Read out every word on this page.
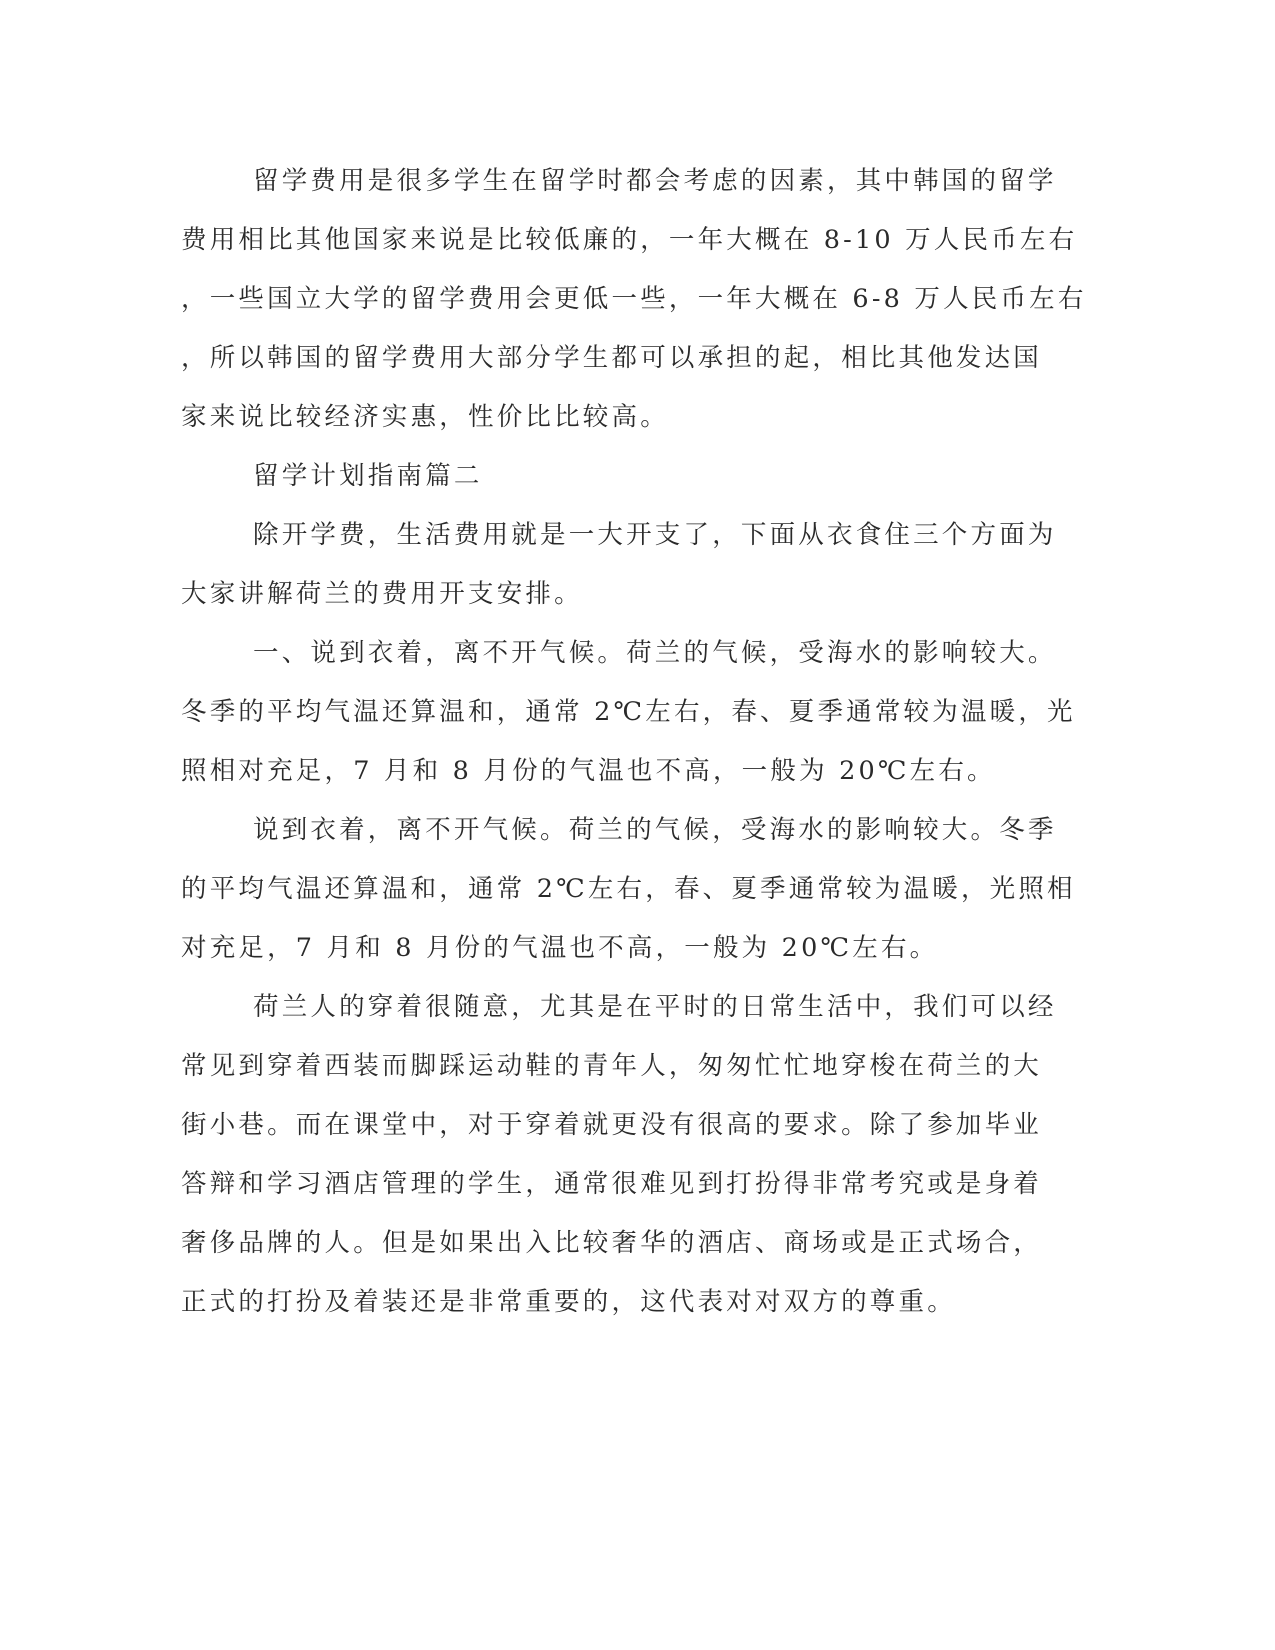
留学费用是很多学生在留学时都会考虑的因素，其中韩国的留学
费用相比其他国家来说是比较低廉的，一年大概在 8-10 万人民币左右
，一些国立大学的留学费用会更低一些，一年大概在 6-8 万人民币左右
，所以韩国的留学费用大部分学生都可以承担的起，相比其他发达国
家来说比较经济实惠，性价比比较高。
留学计划指南篇二
除开学费，生活费用就是一大开支了，下面从衣食住三个方面为
大家讲解荷兰的费用开支安排。
一、说到衣着，离不开气候。荷兰的气候，受海水的影响较大。
冬季的平均气温还算温和，通常 2℃左右，春、夏季通常较为温暖，光
照相对充足，7 月和 8 月份的气温也不高，一般为 20℃左右。
说到衣着，离不开气候。荷兰的气候，受海水的影响较大。冬季
的平均气温还算温和，通常 2℃左右，春、夏季通常较为温暖，光照相
对充足，7 月和 8 月份的气温也不高，一般为 20℃左右。
荷兰人的穿着很随意，尤其是在平时的日常生活中，我们可以经
常见到穿着西装而脚踩运动鞋的青年人，匆匆忙忙地穿梭在荷兰的大
街小巷。而在课堂中，对于穿着就更没有很高的要求。除了参加毕业
答辩和学习酒店管理的学生，通常很难见到打扮得非常考究或是身着
奢侈品牌的人。但是如果出入比较奢华的酒店、商场或是正式场合，
正式的打扮及着装还是非常重要的，这代表对对双方的尊重。
